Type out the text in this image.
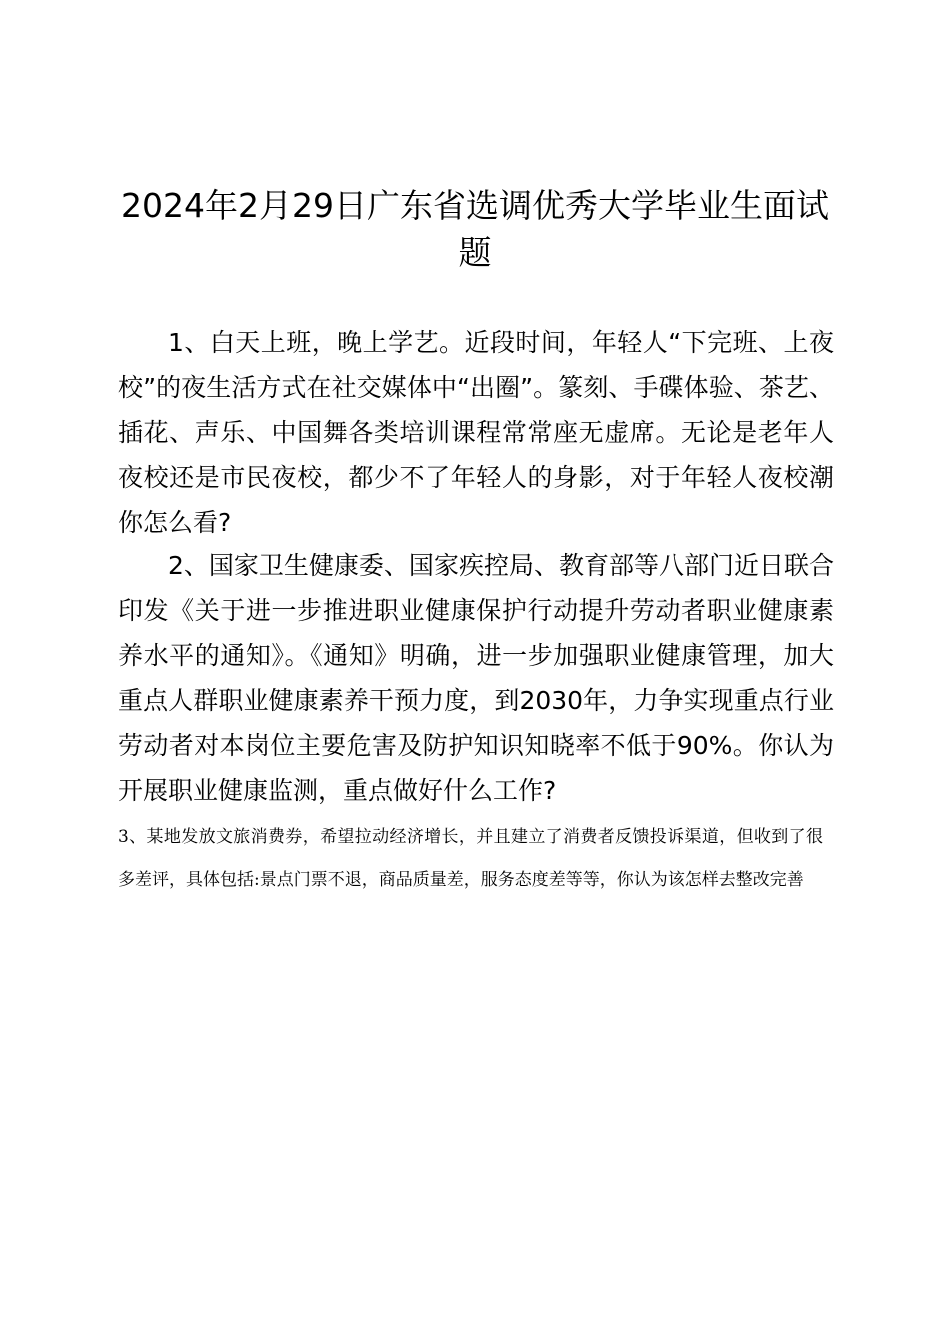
2024年2月29日广东省选调优秀大学毕业生面试题

1、白天上班，晚上学艺。近段时间，年轻人“下完班、上夜校”的夜生活方式在社交媒体中“出圈”。篆刻、手碟体验、茶艺、插花、声乐、中国舞各类培训课程常常座无虚席。无论是老年人夜校还是市民夜校，都少不了年轻人的身影，对于年轻人夜校潮你怎么看?

2、国家卫生健康委、国家疾控局、教育部等八部门近日联合印发《关于进一步推进职业健康保护行动提升劳动者职业健康素养水平的通知》。《通知》明确，进一步加强职业健康管理，加大重点人群职业健康素养干预力度，到2030年，力争实现重点行业劳动者对本岗位主要危害及防护知识知晓率不低于90%。你认为开展职业健康监测，重点做好什么工作?

3、某地发放文旅消费券，希望拉动经济增长，并且建立了消费者反馈投诉渠道，但收到了很多差评，具体包括:景点门票不退，商品质量差，服务态度差等等，你认为该怎样去整改完善
